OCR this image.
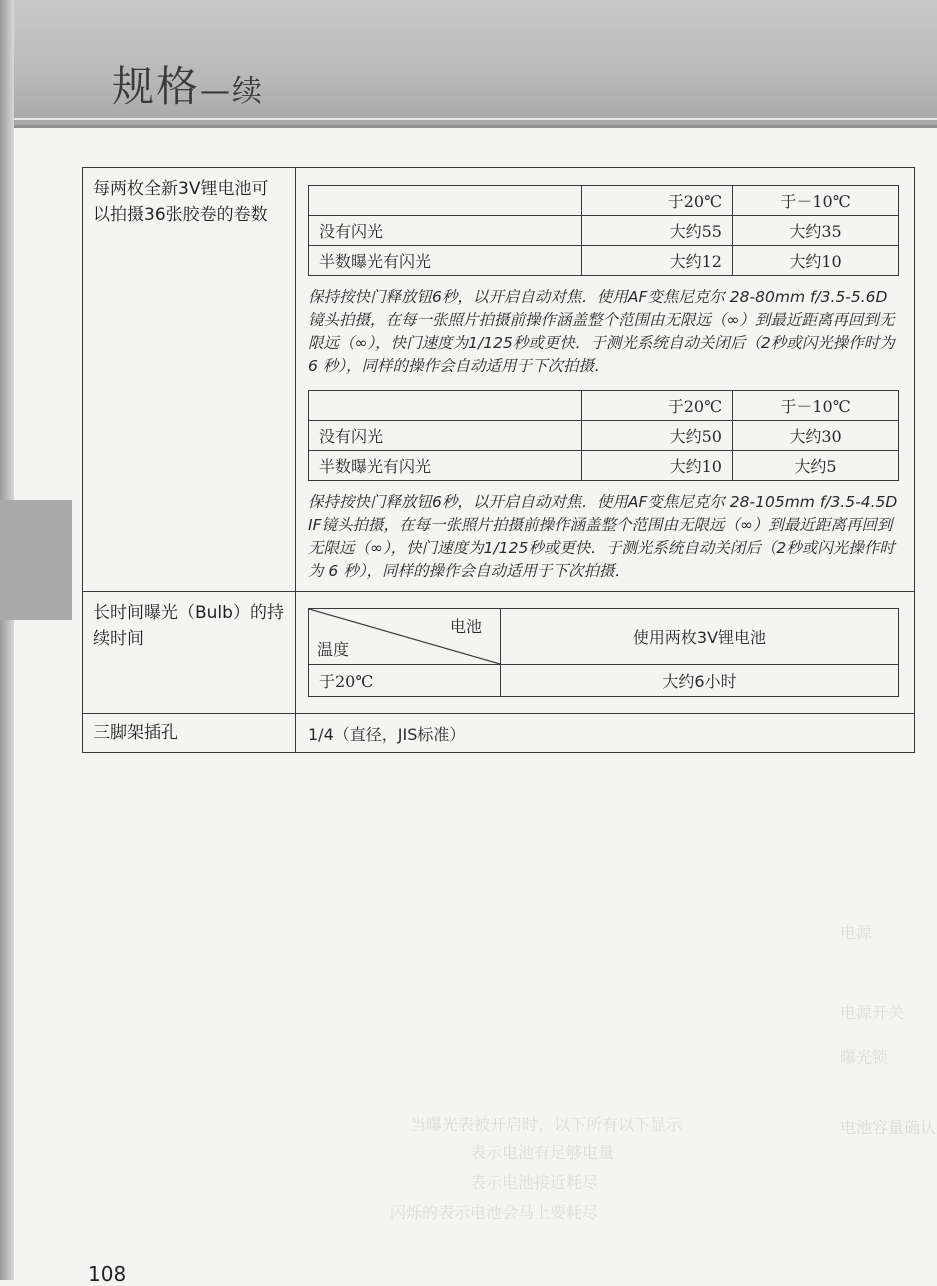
规格—续
电源
电源开关
曝光锁
电池容量确认
当曝光表被开启时，以下所有以下显示
表示电池有足够电量
表示电池接近耗尽
闪烁的表示电池会马上要耗尽
每两枚全新3V锂电池可以拍摄36张胶卷的卷数	
	于20℃	于－10℃
没有闪光	大约55	大约35
半数曝光有闪光	大约12	大约10
保持按快门释放钮6秒，以开启自动对焦．使用AF变焦尼克尔 28-80mm f/3.5-5.6D镜头拍摄，在每一张照片拍摄前操作涵盖整个范围由无限远（∞）到最近距离再回到无限远（∞），快门速度为1/125秒或更快．于测光系统自动关闭后（2秒或闪光操作时为 6 秒），同样的操作会自动适用于下次拍摄．
	于20℃	于－10℃
没有闪光	大约50	大约30
半数曝光有闪光	大约10	大约5
保持按快门释放钮6秒，以开启自动对焦．使用AF变焦尼克尔 28-105mm f/3.5-4.5D IF镜头拍摄，在每一张照片拍摄前操作涵盖整个范围由无限远（∞）到最近距离再回到无限远（∞），快门速度为1/125秒或更快．于测光系统自动关闭后（2秒或闪光操作时为 6 秒），同样的操作会自动适用于下次拍摄．

长时间曝光（Bulb）的持续时间	
电池
温度
	使用两枚3V锂电池
于20℃	大约6小时

三脚架插孔	1/4（直径，JIS标准）
108
